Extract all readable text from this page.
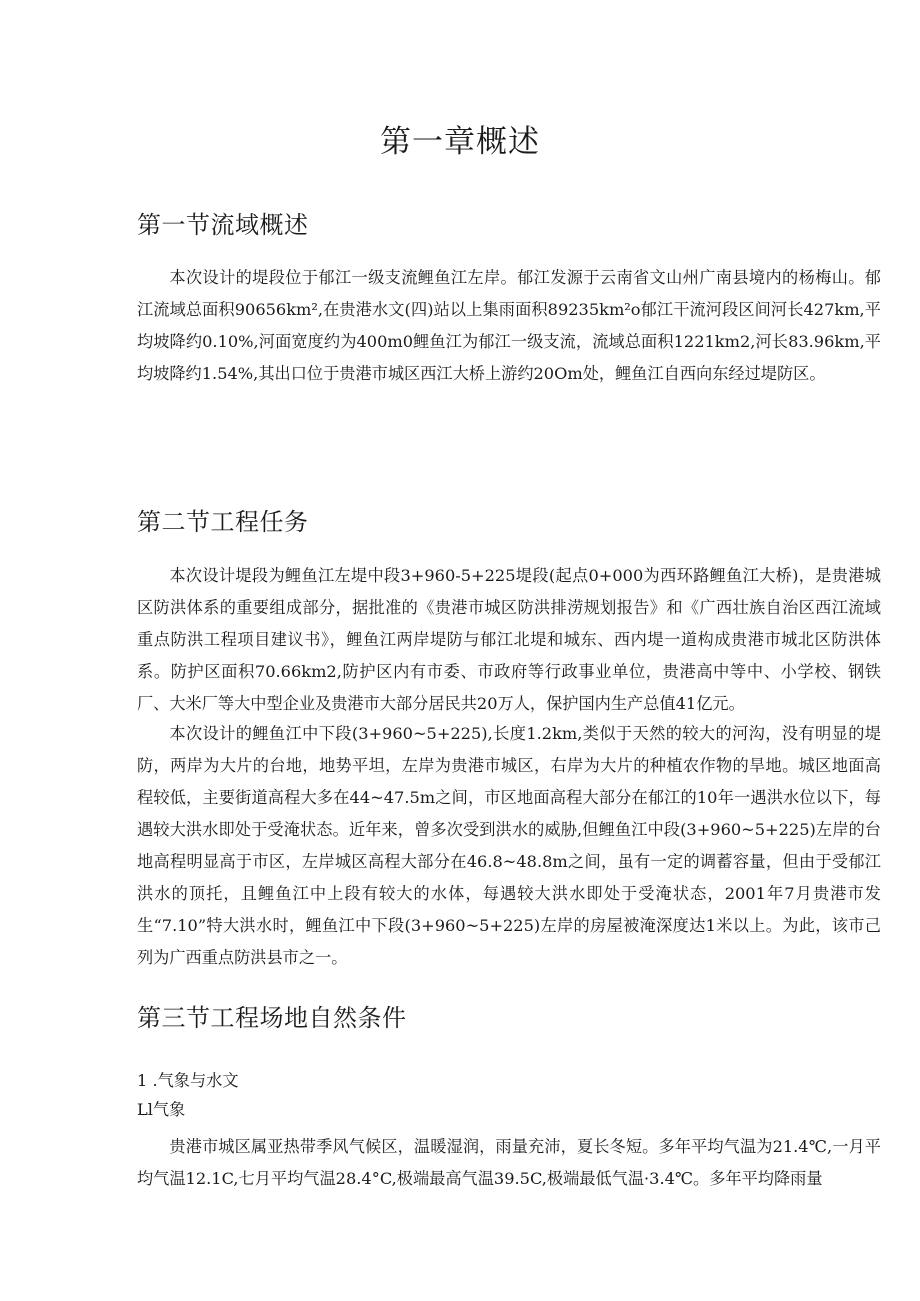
第一章概述
第一节流域概述

本次设计的堤段位于郁江一级支流鲤鱼江左岸。郁江发源于云南省文山州广南县境内的杨梅山。郁江流域总面积90656km²,在贵港水文(四)站以上集雨面积89235km²o郁江干流河段区间河长427km,平均坡降约0.10%,河面宽度约为400m0鲤鱼江为郁江一级支流，流域总面积1221km2,河长83.96km,平均坡降约1.54%,其出口位于贵港市城区西江大桥上游约20Om处，鲤鱼江自西向东经过堤防区。

第二节工程任务

本次设计堤段为鲤鱼江左堤中段3+960-5+225堤段(起点0+000为西环路鲤鱼江大桥)，是贵港城区防洪体系的重要组成部分，据批准的《贵港市城区防洪排涝规划报告》和《广西壮族自治区西江流域重点防洪工程项目建议书》，鲤鱼江两岸堤防与郁江北堤和城东、西内堤一道构成贵港市城北区防洪体系。防护区面积70.66km2,防护区内有市委、市政府等行政事业单位，贵港高中等中、小学校、钢铁厂、大米厂等大中型企业及贵港市大部分居民共20万人，保护国内生产总值41亿元。

本次设计的鲤鱼江中下段(3+960~5+225),长度1.2km,类似于天然的较大的河沟，没有明显的堤防，两岸为大片的台地，地势平坦，左岸为贵港市城区，右岸为大片的种植农作物的旱地。城区地面高程较低，主要街道高程大多在44~47.5m之间，市区地面高程大部分在郁江的10年一遇洪水位以下，每遇较大洪水即处于受淹状态。近年来，曾多次受到洪水的威胁,但鲤鱼江中段(3+960~5+225)左岸的台地高程明显高于市区，左岸城区高程大部分在46.8~48.8m之间，虽有一定的调蓄容量，但由于受郁江洪水的顶托，且鲤鱼江中上段有较大的水体，每遇较大洪水即处于受淹状态，2001年7月贵港市发生“7.10”特大洪水时，鲤鱼江中下段(3+960~5+225)左岸的房屋被淹深度达1米以上。为此，该市己列为广西重点防洪县市之一。

第三节工程场地自然条件
1 .气象与水文
Ll气象

贵港市城区属亚热带季风气候区，温暖湿润，雨量充沛，夏长冬短。多年平均气温为21.4℃,一月平均气温12.1C,七月平均气温28.4°C,极端最高气温39.5C,极端最低气温·3.4℃。多年平均降雨量
